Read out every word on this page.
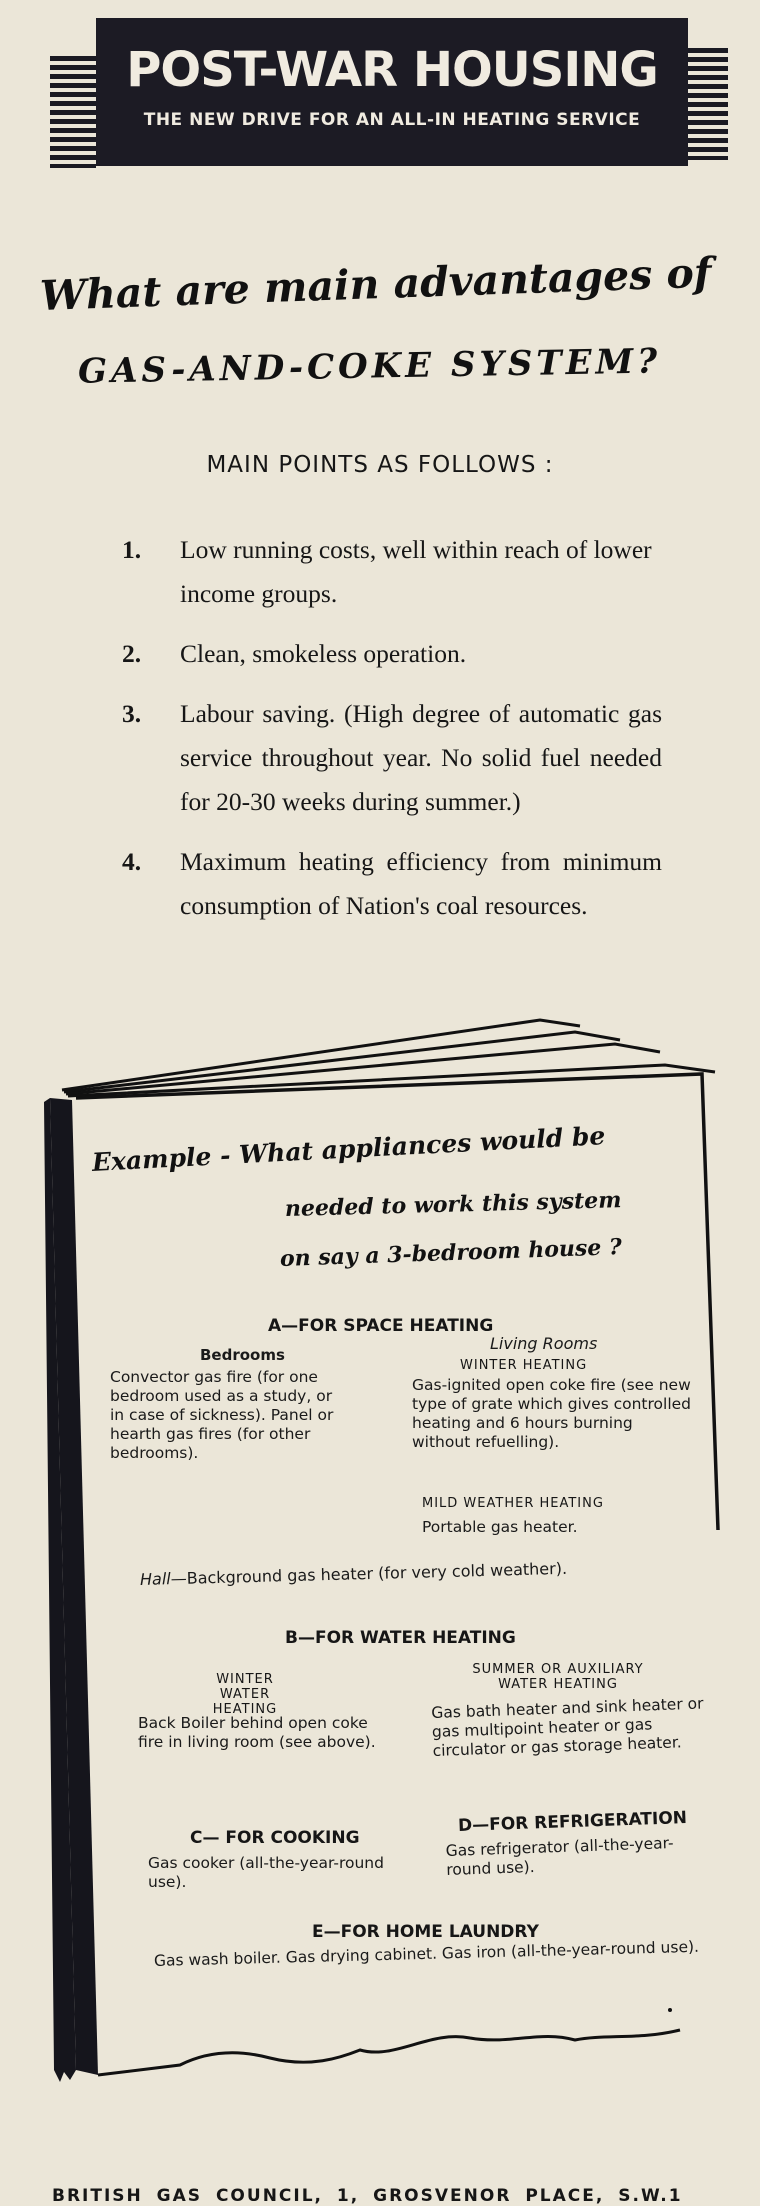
POST-WAR HOUSING
THE NEW DRIVE FOR AN ALL-IN HEATING SERVICE
What are main advantages of
GAS-AND-COKE SYSTEM?
MAIN POINTS AS FOLLOWS :
1.	Low running costs, well within reach of lower income groups.
2.	Clean, smokeless operation.
3.	Labour saving. (High degree of automatic gas service throughout year. No solid fuel needed for 20-30 weeks during summer.)
4.	Maximum heating efficiency from minimum consumption of Nation's coal resources.
Example - What appliances would be
needed to work this system
on say a 3-bedroom house ?
A—FOR SPACE HEATING
Bedrooms
Convector gas fire (for one bedroom used as a study, or in case of sickness). Panel or hearth gas fires (for other bedrooms).
Living Rooms
WINTER HEATING
Gas-ignited open coke fire (see new type of grate which gives controlled heating and 6 hours burning without refuelling).
MILD WEATHER HEATING
Portable gas heater.
Hall—Background gas heater (for very cold weather).
B—FOR WATER HEATING
WINTER WATER HEATING
Back Boiler behind open coke fire in living room (see above).
SUMMER OR AUXILIARY WATER HEATING
Gas bath heater and sink heater or gas multipoint heater or gas circulator or gas storage heater.
C— FOR COOKING
Gas cooker (all-the-year-round use).
D—FOR REFRIGERATION
Gas refrigerator (all-the-year-round use).
E—FOR HOME LAUNDRY
Gas wash boiler. Gas drying cabinet. Gas iron (all-the-year-round use).
BRITISH GAS COUNCIL, 1, GROSVENOR PLACE, S.W.1
